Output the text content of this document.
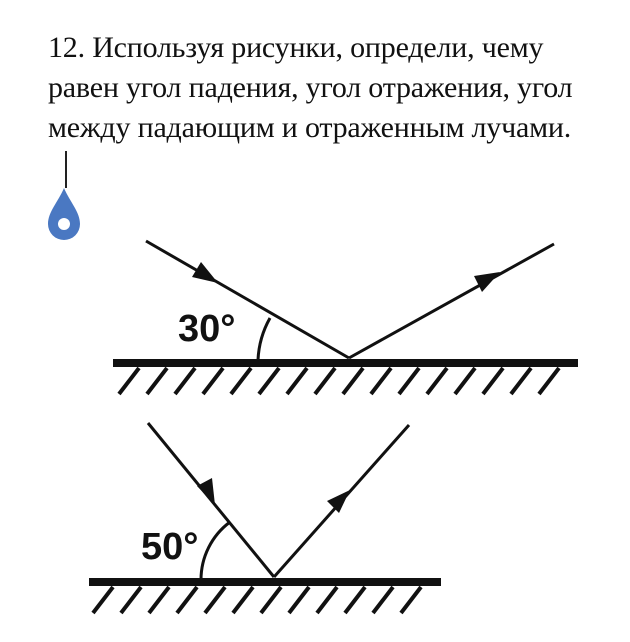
12. Используя рисунки, определи, чему равен угол падения, угол отражения, угол между падающим и отраженным лучами.

30°
50°
